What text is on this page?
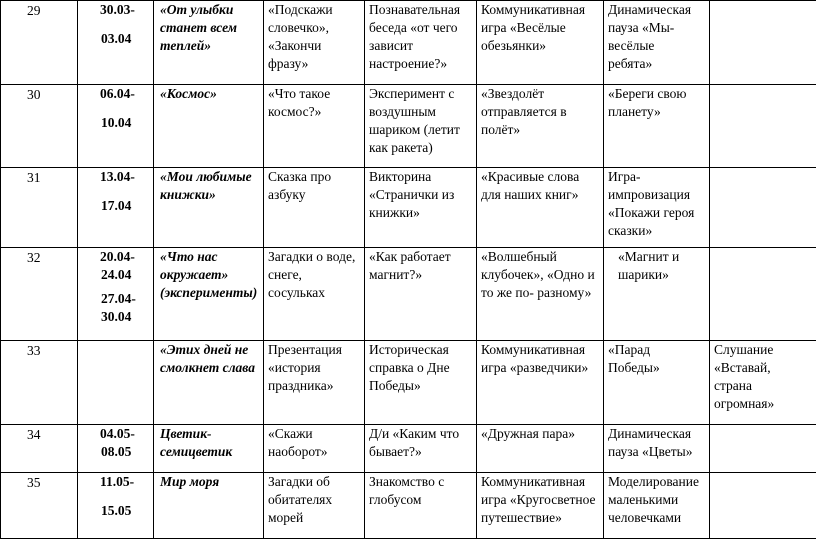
29	30.03-
03.04	«От улыбки станет всем теплей»	«Подскажи
словечко»,
«Закончи
фразу»	Познавательная
беседа «от чего
зависит
настроение?»	Коммуникативная
игра «Весёлые
обезьянки»	Динамическая
пауза «Мы-
весёлые
ребята»	
30	06.04-
10.04	«Космос»	«Что такое
космос?»	Эксперимент с
воздушным
шариком (летит
как ракета)	«Звездолёт
отправляется в
полёт»	«Береги свою
планету»	
31	13.04-
17.04	«Мои любимые книжки»	Сказка про
азбуку	Викторина
«Странички из
книжки»	«Красивые слова
для наших книг»	Игра-
импровизация
«Покажи героя
сказки»	
32	20.04-
24.04
27.04-
30.04	«Что нас окружает» (эксперименты)	Загадки о воде,
снеге,
сосульках	«Как работает
магнит?»	«Волшебный
клубочек», «Одно и
то же по- разному»	«Магнит и
шарики»	
33		«Этих дней не смолкнет слава	Презентация
«история
праздника»	Историческая
справка о Дне
Победы»	Коммуникативная
игра «разведчики»	«Парад
Победы»	Слушание
«Вставай,
страна
огромная»
34	04.05-
08.05	Цветик-семицветик	«Скажи
наоборот»	Д/и «Каким что
бывает?»	«Дружная пара»	Динамическая
пауза «Цветы»	
35	11.05-
15.05	Мир моря	Загадки об
обитателях
морей	Знакомство с
глобусом	Коммуникативная
игра «Кругосветное
путешествие»	Моделирование
маленькими
человечками	
